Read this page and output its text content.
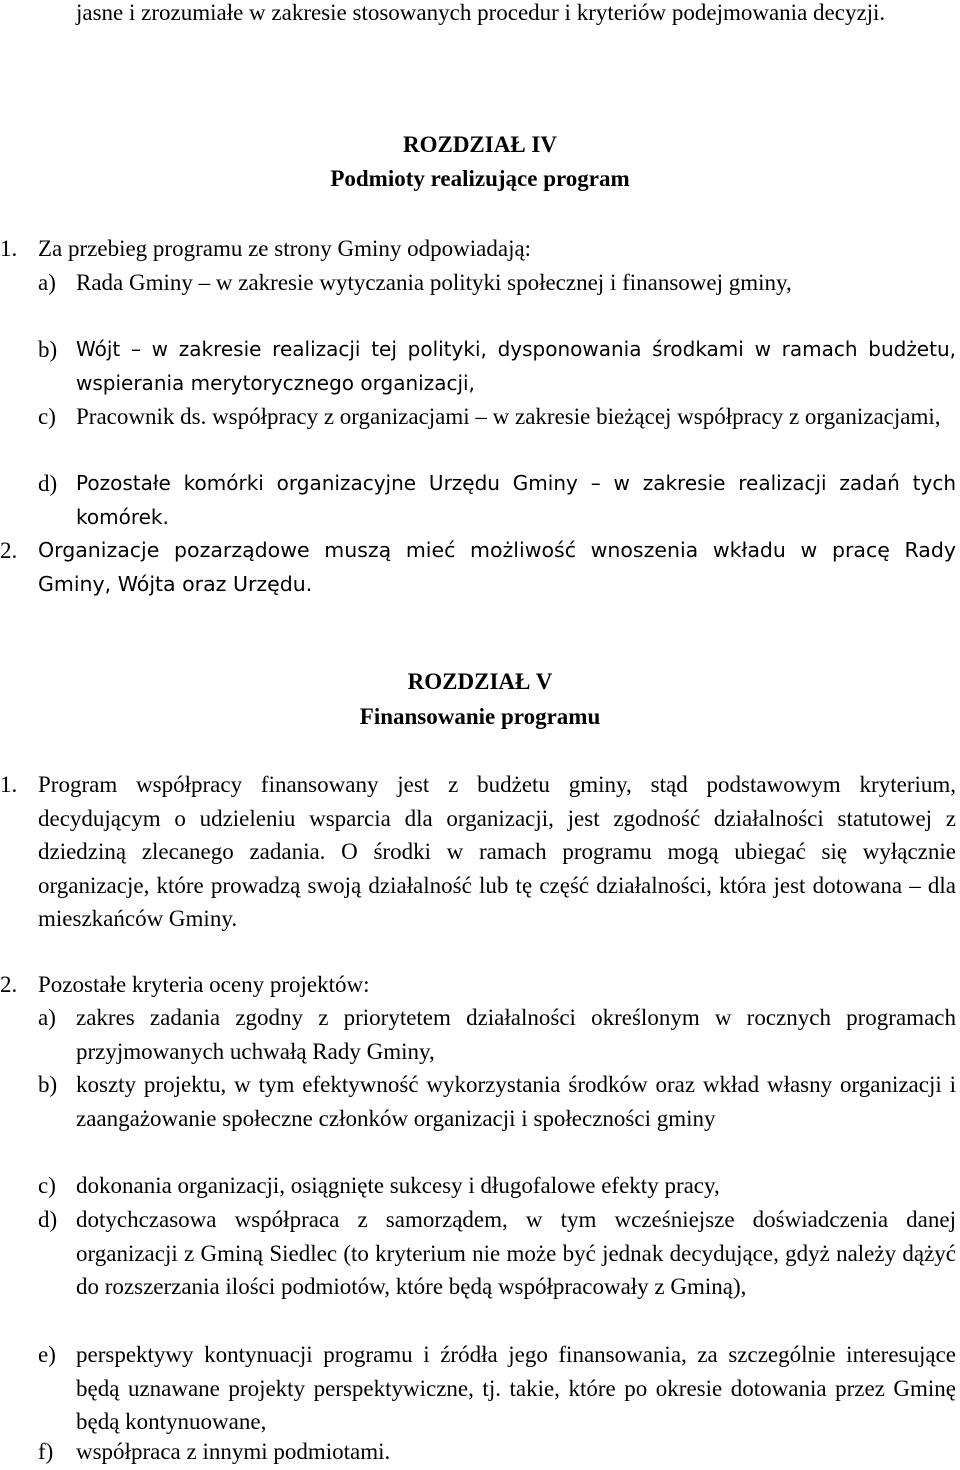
jasne i zrozumiałe w zakresie stosowanych procedur i kryteriów podejmowania decyzji.
ROZDZIAŁ IV
Podmioty realizujące program
1. Za przebieg programu ze strony Gminy odpowiadają:
a) Rada Gminy – w zakresie wytyczania polityki społecznej i finansowej gminy,
b) Wójt – w zakresie realizacji tej polityki, dysponowania środkami w ramach budżetu, wspierania merytorycznego organizacji,
c) Pracownik ds. współpracy z organizacjami – w zakresie bieżącej współpracy z organizacjami,
d) Pozostałe komórki organizacyjne Urzędu Gminy – w zakresie realizacji zadań tych komórek.
2.	Organizacje pozarządowe muszą mieć możliwość wnoszenia wkładu w pracę Rady Gminy, Wójta oraz Urzędu.
ROZDZIAŁ V
Finansowanie programu
1. Program współpracy finansowany jest z budżetu gminy, stąd podstawowym kryterium, decydującym o udzieleniu wsparcia dla organizacji, jest zgodność działalności statutowej z dziedziną zlecanego zadania. O środki w ramach programu mogą ubiegać się wyłącznie organizacje, które prowadzą swoją działalność lub tę część działalności, która jest dotowana – dla mieszkańców Gminy.
2. Pozostałe kryteria oceny projektów:
a) zakres zadania zgodny z priorytetem działalności określonym w rocznych programach przyjmowanych uchwałą Rady Gminy,
b) koszty projektu, w tym efektywność wykorzystania środków oraz wkład własny organizacji i zaangażowanie społeczne członków organizacji i społeczności gminy
c) dokonania organizacji, osiągnięte sukcesy i długofalowe efekty pracy,
d) dotychczasowa współpraca z samorządem, w tym wcześniejsze doświadczenia danej organizacji z Gminą Siedlec (to kryterium nie może być jednak decydujące, gdyż należy dążyć do rozszerzania ilości podmiotów, które będą współpracowały z Gminą),
e) perspektywy kontynuacji programu i źródła jego finansowania, za szczególnie interesujące będą uznawane projekty perspektywiczne, tj. takie, które po okresie dotowania przez Gminę będą kontynuowane,
f) współpraca z innymi podmiotami.
